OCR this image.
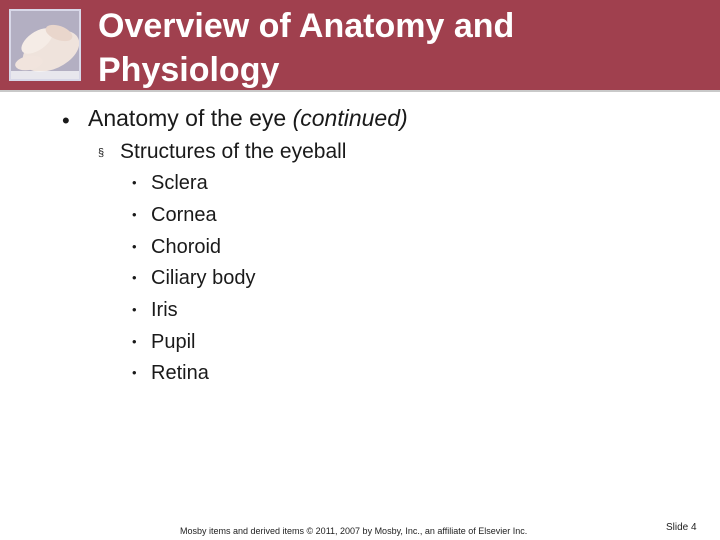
Overview of Anatomy and
Physiology
• Anatomy of the eye (continued)
§ Structures of the eyeball
• Sclera
• Cornea
• Choroid
• Ciliary body
• Iris
• Pupil
• Retina
Mosby items and derived items © 2011, 2007 by Mosby, Inc., an affiliate of Elsevier Inc.	Slide 4
